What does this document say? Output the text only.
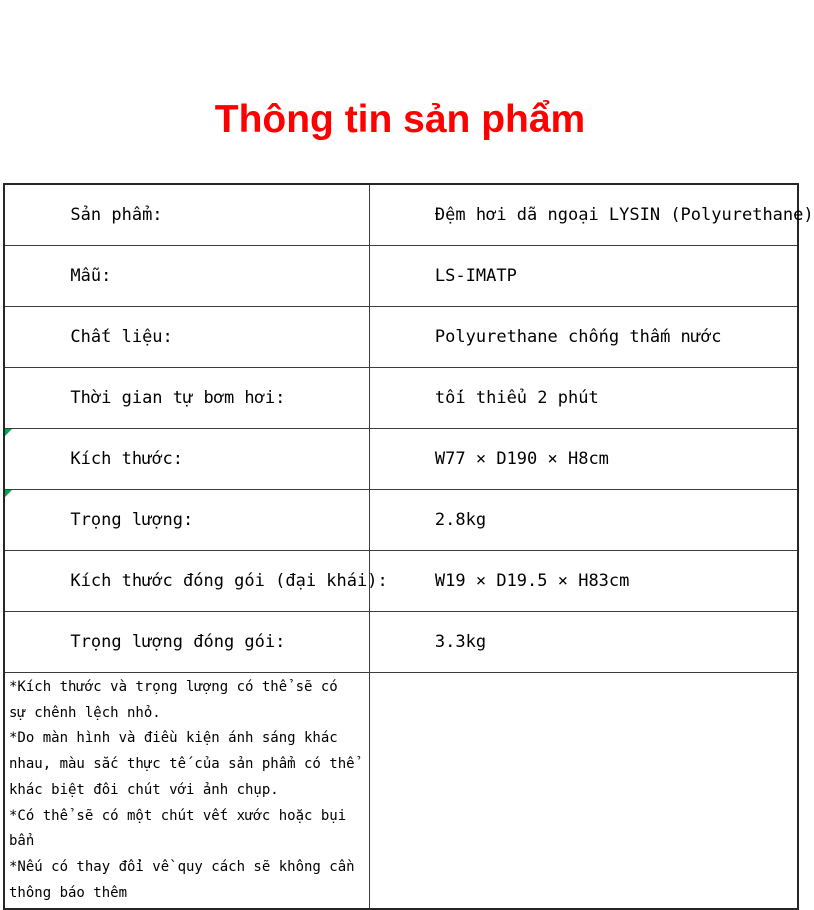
Thông tin sản phẩm

Sản phẩm:	Đệm hơi dã ngoại LYSIN (Polyurethane)

Mẫu:	LS-IMATP

Chất liệu:	Polyurethane chống thấm nước

Thời gian tự bơm hơi:	tối thiểu 2 phút

Kích thước:	W77 × D190 × H8cm

Trọng lượng:	2.8kg

Kích thước đóng gói (đại khái):	W19 × D19.5 × H83cm

Trọng lượng đóng gói:	3.3kg

*Kích thước và trọng lượng có thể sẽ có sự chênh lệch nhỏ.
*Do màn hình và điều kiện ánh sáng khác nhau, màu sắc thực tế của sản phẩm có thể khác biệt đôi chút với ảnh chụp.
*Có thể sẽ có một chút vết xước hoặc bụi bẩn
*Nếu có thay đổi về quy cách sẽ không cần thông báo thêm	
